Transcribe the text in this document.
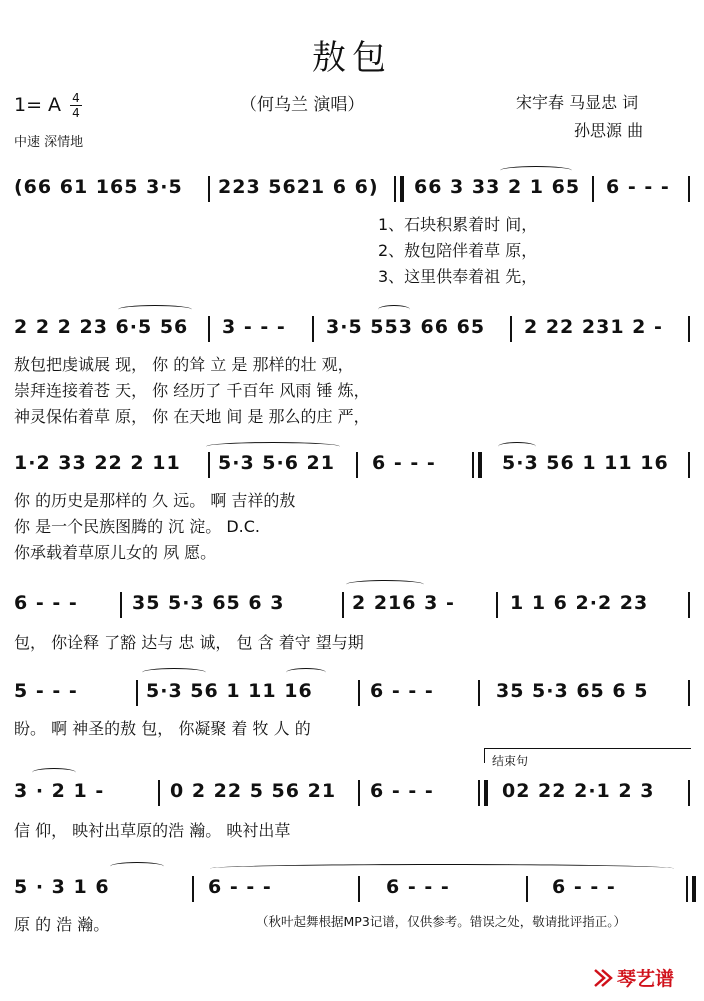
敖包
（何乌兰 演唱）	宋宇春 马显忠 词
孙思源 曲
1= A 4
4
中速 深情地
(66 61 165 3·5 223 5621 6 6) 66 3 33 2 1 65 6 - - -
1、石块积累着时 间，
2、敖包陪伴着草 原，
3、这里供奉着祖 先，
2 2 2 23 6·5 56 3 - - - 3·5 553 66 65 2 22 231 2 -
敖包把虔诚展 现， 你 的耸 立 是 那样的壮 观，
崇拜连接着苍 天， 你 经历了 千百年 风雨 锤 炼，
神灵保佑着草 原， 你 在天地 间 是 那么的庄 严，
1·2 33 22 2 11 5·3 5·6 21 6 - - -	5·3 56 1 11 16
你 的历史是那样的 久 远。 啊 吉祥的敖
你 是一个民族图腾的 沉 淀。 D.C.
你承载着草原儿女的 夙 愿。
6 - - -	35 5·3 65 6 3	2 216 3 -	1 1 6 2·2 23
包， 你诠释 了豁 达与 忠 诚， 包 含 着守 望与期
5 - - -	5·3 56 1 11 16	6 - - -	35 5·3 65 6 5
盼。 啊 神圣的敖 包， 你凝聚 着 牧 人 的
结束句
3 · 2 1 -	0 2 22 5 56 21 6 - - -	02 22 2·1 2 3
信 仰， 映衬出草原的浩 瀚。 映衬出草
5 · 3 1 6	6 - - -	6 - - -	6 - - -
原 的 浩 瀚。	（秋叶起舞根据MP3记谱，仅供参考。错误之处，敬请批评指正。）
琴艺谱
